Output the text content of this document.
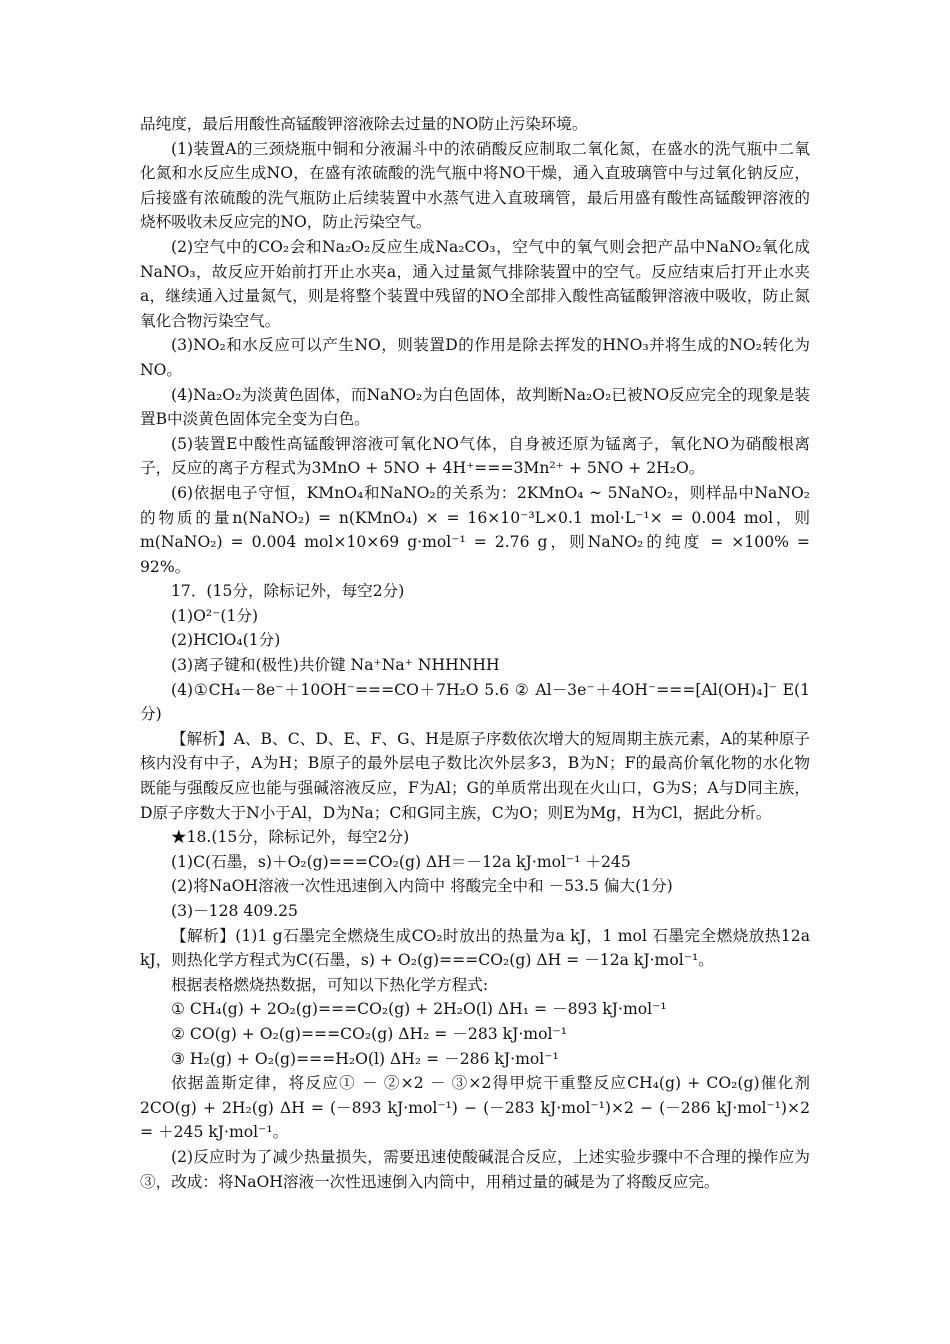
品纯度，最后用酸性高锰酸钾溶液除去过量的NO防止污染环境。

(1)装置A的三颈烧瓶中铜和分液漏斗中的浓硝酸反应制取二氧化氮，在盛水的洗气瓶中二氧化氮和水反应生成NO，在盛有浓硫酸的洗气瓶中将NO干燥，通入直玻璃管中与过氧化钠反应，后接盛有浓硫酸的洗气瓶防止后续装置中水蒸气进入直玻璃管，最后用盛有酸性高锰酸钾溶液的烧杯吸收未反应完的NO，防止污染空气。

(2)空气中的CO₂会和Na₂O₂反应生成Na₂CO₃，空气中的氧气则会把产品中NaNO₂氧化成NaNO₃，故反应开始前打开止水夹a，通入过量氮气排除装置中的空气。反应结束后打开止水夹a，继续通入过量氮气，则是将整个装置中残留的NO全部排入酸性高锰酸钾溶液中吸收，防止氮氧化合物污染空气。

(3)NO₂和水反应可以产生NO，则装置D的作用是除去挥发的HNO₃并将生成的NO₂转化为NO。

(4)Na₂O₂为淡黄色固体，而NaNO₂为白色固体，故判断Na₂O₂已被NO反应完全的现象是装置B中淡黄色固体完全变为白色。

(5)装置E中酸性高锰酸钾溶液可氧化NO气体，自身被还原为锰离子，氧化NO为硝酸根离子，反应的离子方程式为3MnO + 5NO + 4H⁺===3Mn²⁺ + 5NO + 2H₂O。

(6)依据电子守恒，KMnO₄和NaNO₂的关系为：2KMnO₄ ~ 5NaNO₂，则样品中NaNO₂的物质的量n(NaNO₂) = n(KMnO₄) × = 16×10⁻³L×0.1 mol·L⁻¹× = 0.004 mol，则m(NaNO₂) = 0.004 mol×10×69 g·mol⁻¹ = 2.76 g，则NaNO₂的纯度 = ×100% = 92%。

17．(15分，除标记外，每空2分)

(1)O²⁻(1分)

(2)HClO₄(1分)

(3)离子键和(极性)共价键 Na⁺Na⁺ NHHNHH

(4)①CH₄－8e⁻＋10OH⁻===CO＋7H₂O 5.6 ② Al－3e⁻＋4OH⁻===[Al(OH)₄]⁻ E(1分)

【解析】A、B、C、D、E、F、G、H是原子序数依次增大的短周期主族元素，A的某种原子核内没有中子，A为H；B原子的最外层电子数比次外层多3，B为N；F的最高价氧化物的水化物既能与强酸反应也能与强碱溶液反应，F为Al；G的单质常出现在火山口，G为S；A与D同主族，D原子序数大于N小于Al，D为Na；C和G同主族，C为O；则E为Mg，H为Cl，据此分析。

★18.(15分，除标记外，每空2分)

(1)C(石墨，s)＋O₂(g)===CO₂(g) ΔH＝－12a kJ·mol⁻¹ ＋245

(2)将NaOH溶液一次性迅速倒入内筒中 将酸完全中和 －53.5 偏大(1分)

(3)－128 409.25

【解析】(1)1 g石墨完全燃烧生成CO₂时放出的热量为a kJ，1 mol 石墨完全燃烧放热12a kJ，则热化学方程式为C(石墨，s) + O₂(g)===CO₂(g) ΔH = －12a kJ·mol⁻¹。

根据表格燃烧热数据，可知以下热化学方程式:

① CH₄(g) + 2O₂(g)===CO₂(g) + 2H₂O(l) ΔH₁ = －893 kJ·mol⁻¹

② CO(g) + O₂(g)===CO₂(g) ΔH₂ = －283 kJ·mol⁻¹

③ H₂(g) + O₂(g)===H₂O(l) ΔH₂ = －286 kJ·mol⁻¹

依据盖斯定律，将反应① － ②×2 － ③×2得甲烷干重整反应CH₄(g) + CO₂(g)催化剂2CO(g) + 2H₂(g) ΔH = (－893 kJ·mol⁻¹) − (－283 kJ·mol⁻¹)×2 − (－286 kJ·mol⁻¹)×2 = ＋245 kJ·mol⁻¹。

(2)反应时为了减少热量损失，需要迅速使酸碱混合反应，上述实验步骤中不合理的操作应为③，改成：将NaOH溶液一次性迅速倒入内筒中，用稍过量的碱是为了将酸反应完。
